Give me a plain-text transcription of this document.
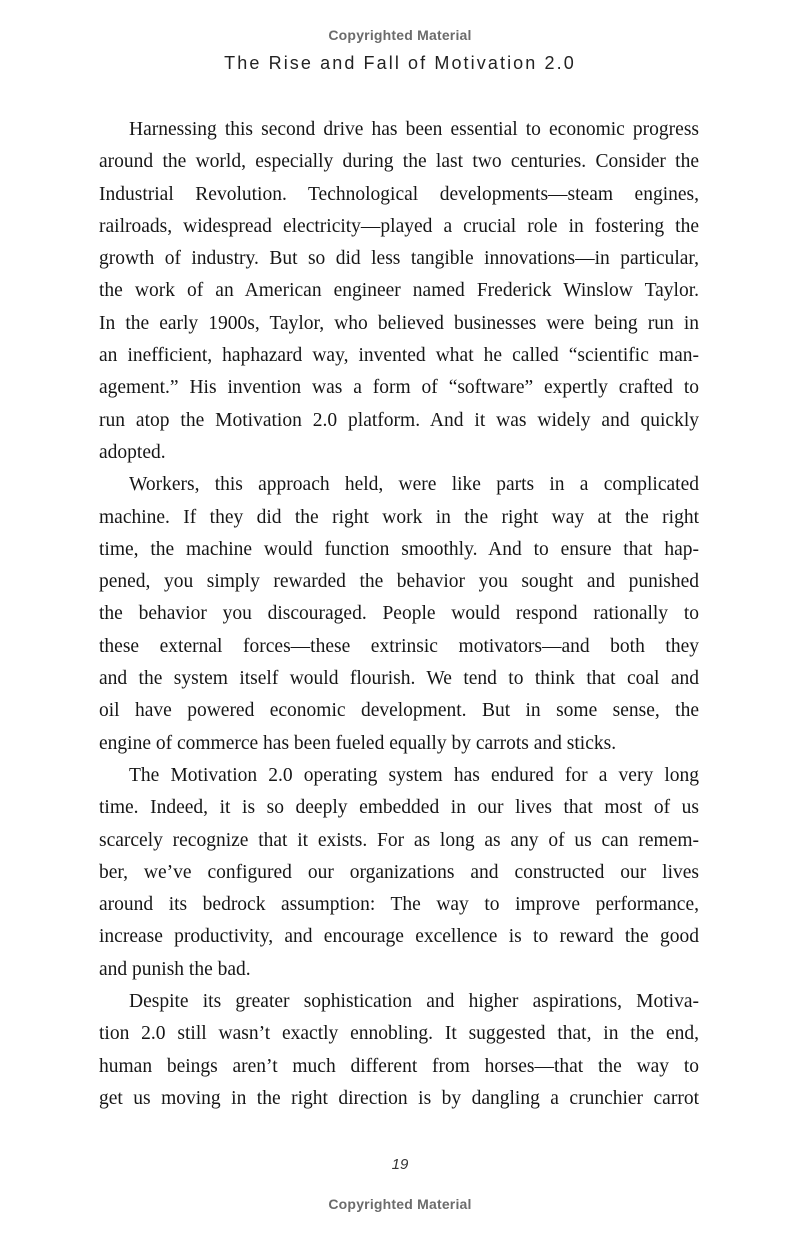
Copyrighted Material
The Rise and Fall of Motivation 2.0
Harnessing this second drive has been essential to economic progress
around the world, especially during the last two centuries. Consider the
Industrial Revolution. Technological developments—steam engines,
railroads, widespread electricity—played a crucial role in fostering the
growth of industry. But so did less tangible innovations—in particular,
the work of an American engineer named Frederick Winslow Taylor.
In the early 1900s, Taylor, who believed businesses were being run in
an inefficient, haphazard way, invented what he called “scientific man-
agement.” His invention was a form of “software” expertly crafted to
run atop the Motivation 2.0 platform. And it was widely and quickly
adopted.
Workers, this approach held, were like parts in a complicated
machine. If they did the right work in the right way at the right
time, the machine would function smoothly. And to ensure that hap-
pened, you simply rewarded the behavior you sought and punished
the behavior you discouraged. People would respond rationally to
these external forces—these extrinsic motivators—and both they
and the system itself would flourish. We tend to think that coal and
oil have powered economic development. But in some sense, the
engine of commerce has been fueled equally by carrots and sticks.
The Motivation 2.0 operating system has endured for a very long
time. Indeed, it is so deeply embedded in our lives that most of us
scarcely recognize that it exists. For as long as any of us can remem-
ber, we’ve configured our organizations and constructed our lives
around its bedrock assumption: The way to improve performance,
increase productivity, and encourage excellence is to reward the good
and punish the bad.
Despite its greater sophistication and higher aspirations, Motiva-
tion 2.0 still wasn’t exactly ennobling. It suggested that, in the end,
human beings aren’t much different from horses—that the way to
get us moving in the right direction is by dangling a crunchier carrot
19
Copyrighted Material
